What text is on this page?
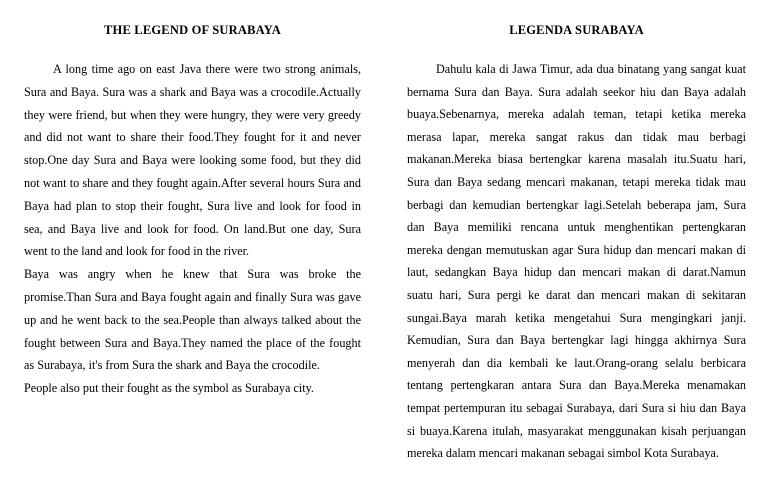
THE LEGEND OF SURABAYA

A long time ago on east Java there were two strong animals, Sura and Baya. Sura was a shark and Baya was a crocodile.Actually they were friend, but when they were hungry, they were very greedy and did not want to share their food.They fought for it and never stop.One day Sura and Baya were looking some food, but they did not want to share and they fought again.After several hours Sura and Baya had plan to stop their fought, Sura live and look for food in sea, and Baya live and look for food. On land.But one day, Sura went to the land and look for food in the river.

Baya was angry when he knew that Sura was broke the promise.Than Sura and Baya fought again and finally Sura was gave up and he went back to the sea.People than always talked about the fought between Sura and Baya.They named the place of the fought as Surabaya, it's from Sura the shark and Baya the crocodile.

People also put their fought as the symbol as Surabaya city.

LEGENDA SURABAYA

Dahulu kala di Jawa Timur, ada dua binatang yang sangat kuat bernama Sura dan Baya. Sura adalah seekor hiu dan Baya adalah buaya.Sebenarnya, mereka adalah teman, tetapi ketika mereka merasa lapar, mereka sangat rakus dan tidak mau berbagi makanan.Mereka biasa bertengkar karena masalah itu.Suatu hari, Sura dan Baya sedang mencari makanan, tetapi mereka tidak mau berbagi dan kemudian bertengkar lagi.Setelah beberapa jam, Sura dan Baya memiliki rencana untuk menghentikan pertengkaran mereka dengan memutuskan agar Sura hidup dan mencari makan di laut, sedangkan Baya hidup dan mencari makan di darat.Namun suatu hari, Sura pergi ke darat dan mencari makan di sekitaran sungai.Baya marah ketika mengetahui Sura mengingkari janji. Kemudian, Sura dan Baya bertengkar lagi hingga akhirnya Sura menyerah dan dia kembali ke laut.Orang-orang selalu berbicara tentang pertengkaran antara Sura dan Baya.Mereka menamakan tempat pertempuran itu sebagai Surabaya, dari Sura si hiu dan Baya si buaya.Karena itulah, masyarakat menggunakan kisah perjuangan mereka dalam mencari makanan sebagai simbol Kota Surabaya.
